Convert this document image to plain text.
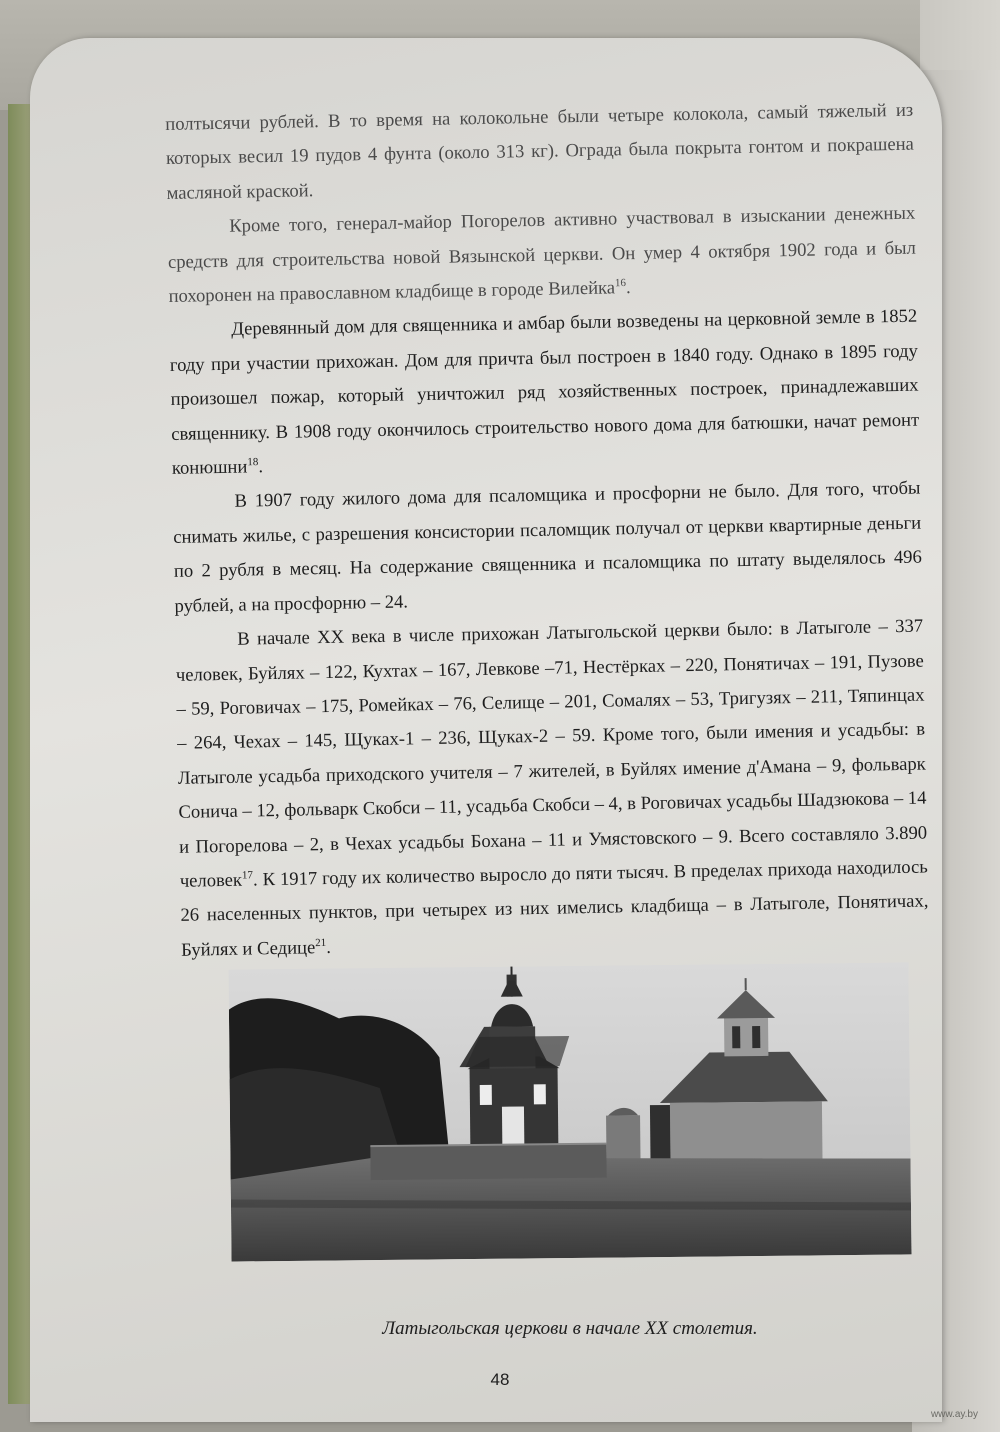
полтысячи рублей. В то время на колокольне были четыре колокола, самый тяжелый из которых весил 19 пудов 4 фунта (около 313 кг). Ограда была покрыта гонтом и покрашена масляной краской.

Кроме того, генерал-майор Погорелов активно участвовал в изыскании денежных средств для строительства новой Вязынской церкви. Он умер 4 октября 1902 года и был похоронен на православном кладбище в городе Вилейка$^{16}$.

Деревянный дом для священника и амбар были возведены на церковной земле в 1852 году при участии прихожан. Дом для причта был построен в 1840 году. Однако в 1895 году произошел пожар, который уничтожил ряд хозяйственных построек, принадлежавших священнику. В 1908 году окончилось строительство нового дома для батюшки, начат ремонт конюшни$^{18}$.

В 1907 году жилого дома для псаломщика и просфорни не было. Для того, чтобы снимать жилье, с разрешения консистории псаломщик получал от церкви квартирные деньги по 2 рубля в месяц. На содержание священника и псаломщика по штату выделялось 496 рублей, а на просфорню – 24.

В начале XX века в числе прихожан Латыгольской церкви было: в Латыголе – 337 человек, Буйлях – 122, Кухтах – 167, Левкове –71, Нестёрках – 220, Понятичах – 191, Пузове – 59, Роговичах – 175, Ромейках – 76, Селище – 201, Сомалях – 53, Тригузях – 211, Тяпинцах – 264, Чехах – 145, Щуках-1 – 236, Щуках-2 – 59. Кроме того, были имения и усадьбы: в Латыголе усадьба приходского учителя – 7 жителей, в Буйлях имение д'Амана – 9, фольварк Сонича – 12, фольварк Скобси – 11, усадьба Скобси – 4, в Роговичах усадьбы Шадзюкова – 14 и Погорелова – 2, в Чехах усадьбы Бохана – 11 и Умястовского – 9. Всего составляло 3.890 человек$^{17}$. К 1917 году их количество выросло до пяти тысяч. В пределах прихода находилось 26 населенных пунктов, при четырех из них имелись кладбища – в Латыголе, Понятичах, Буйлях и Седице$^{21}$.

Латыгольская церкови в начале XX столетия.
48
www.ay.by
